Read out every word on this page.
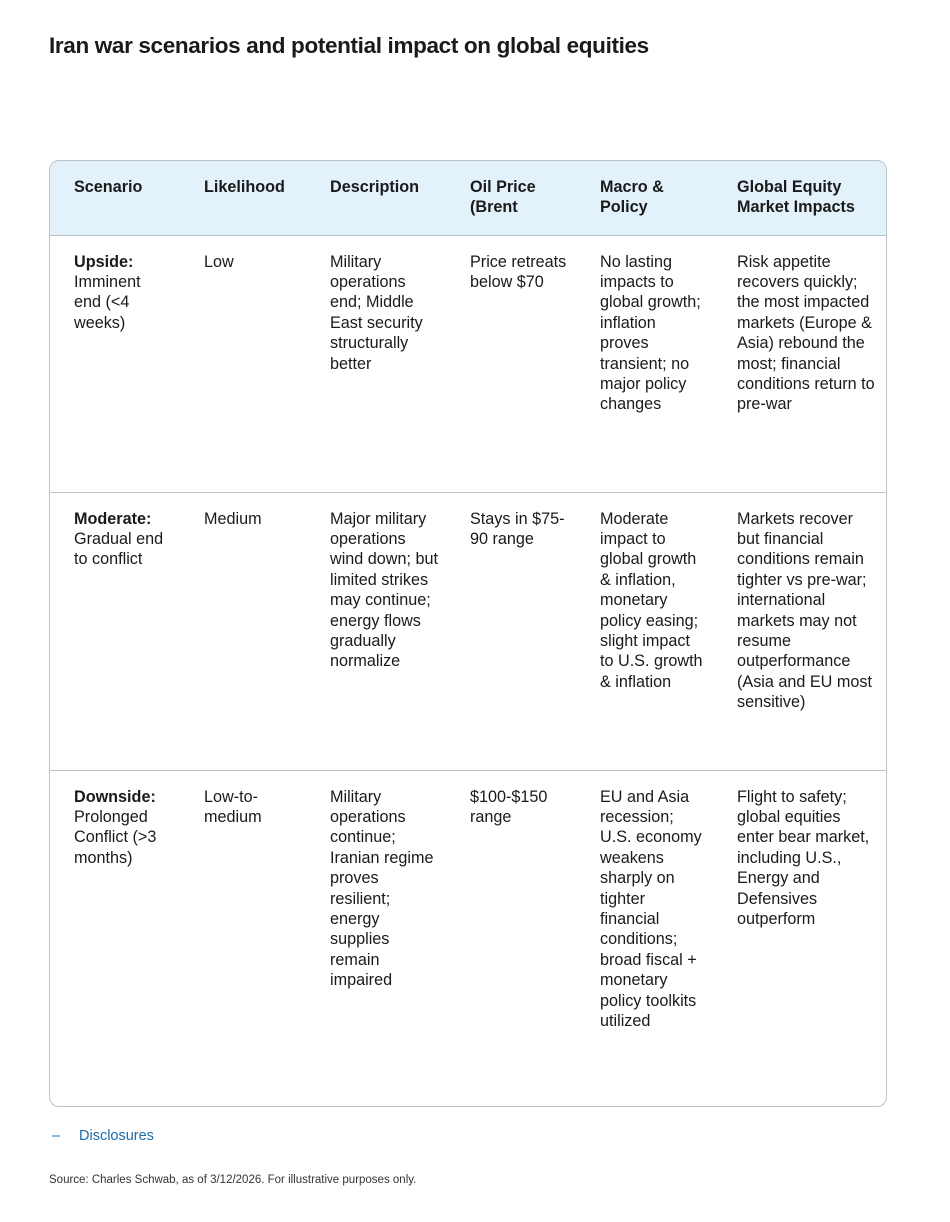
Iran war scenarios and potential impact on global equities
Scenario	Likelihood	Description	Oil Price (Brent	Macro & Policy	Global Equity Market Impacts
Upside: Imminent end (<4 weeks)	Low	Military operations end; Middle East security structurally better	Price retreats below $70	No lasting impacts to global growth; inflation proves transient; no major policy changes	Risk appetite recovers quickly; the most impacted markets (Europe & Asia) rebound the most; financial conditions return to pre-war
Moderate: Gradual end to conflict	Medium	Major military operations wind down; but limited strikes may continue; energy flows gradually normalize	Stays in $75-90 range	Moderate impact to global growth & inflation, monetary policy easing; slight impact to U.S. growth & inflation	Markets recover but financial conditions remain tighter vs pre-war; international markets may not resume outperformance (Asia and EU most sensitive)
Downside: Prolonged Conflict (>3 months)	Low-to-medium	Military operations continue; Iranian regime proves resilient; energy supplies remain impaired	$100-$150 range	EU and Asia recession; U.S. economy weakens sharply on tighter financial conditions; broad fiscal + monetary policy toolkits utilized	Flight to safety; global equities enter bear market, including U.S., Energy and Defensives outperform
– Disclosures
Source: Charles Schwab, as of 3/12/2026. For illustrative purposes only.
